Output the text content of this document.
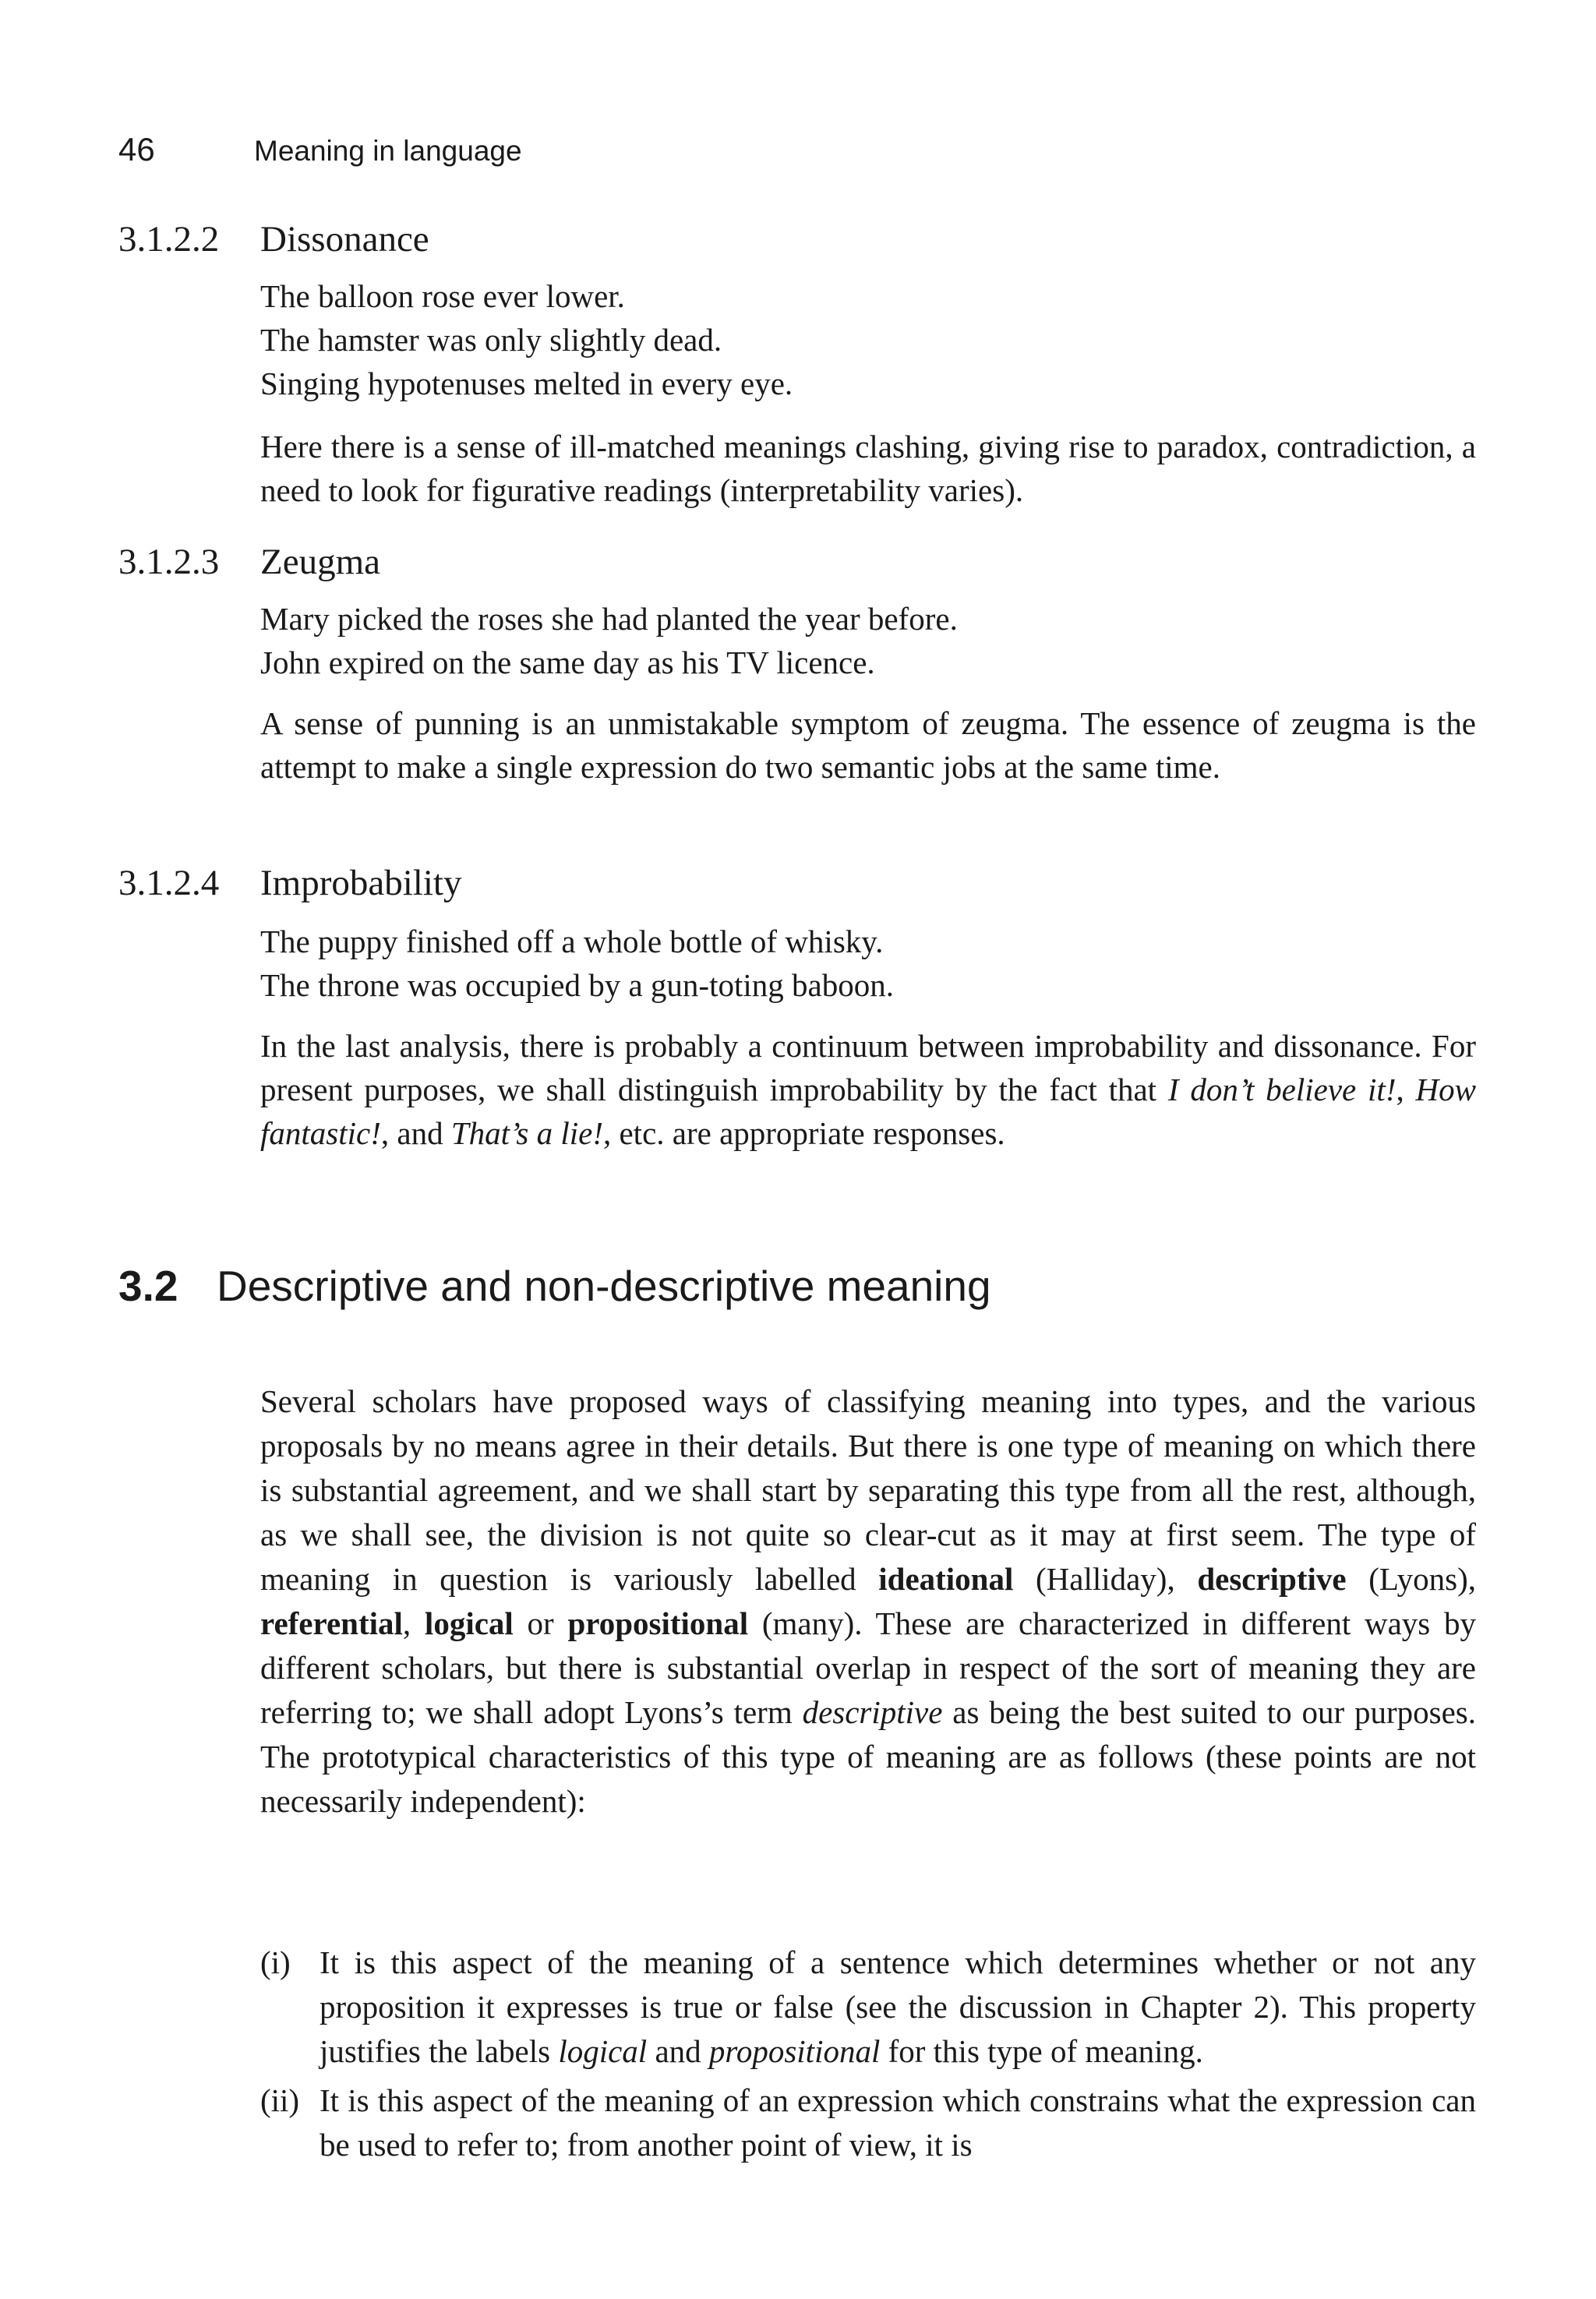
46	Meaning in language
3.1.2.2	Dissonance

The balloon rose ever lower.

The hamster was only slightly dead.

Singing hypotenuses melted in every eye.

Here there is a sense of ill-matched meanings clashing, giving rise to paradox, contradiction, a need to look for figurative readings (interpretability varies).

3.1.2.3	Zeugma

Mary picked the roses she had planted the year before.

John expired on the same day as his TV licence.

A sense of punning is an unmistakable symptom of zeugma. The essence of zeugma is the attempt to make a single expression do two semantic jobs at the same time.

3.1.2.4	Improbability

The puppy finished off a whole bottle of whisky.

The throne was occupied by a gun-toting baboon.

In the last analysis, there is probably a continuum between improbability and dissonance. For present purposes, we shall distinguish improbability by the fact that I don’t believe it!, How fantastic!, and That’s a lie!, etc. are appropriate responses.

3.2 Descriptive and non-descriptive meaning
Several scholars have proposed ways of classifying meaning into types, and the various proposals by no means agree in their details. But there is one type of meaning on which there is substantial agreement, and we shall start by separating this type from all the rest, although, as we shall see, the division is not quite so clear-cut as it may at first seem. The type of meaning in question is variously labelled ideational (Halliday), descriptive (Lyons), referential, logical or propositional (many). These are characterized in different ways by different scholars, but there is substantial overlap in respect of the sort of meaning they are referring to; we shall adopt Lyons’s term descriptive as being the best suited to our purposes. The prototypical characteristics of this type of meaning are as follows (these points are not necessarily independent):
(i) It is this aspect of the meaning of a sentence which determines whether or not any proposition it expresses is true or false (see the discussion in Chapter 2). This property justifies the labels logical and propositional for this type of meaning.
(ii) It is this aspect of the meaning of an expression which constrains what the expression can be used to refer to; from another point of view, it is
